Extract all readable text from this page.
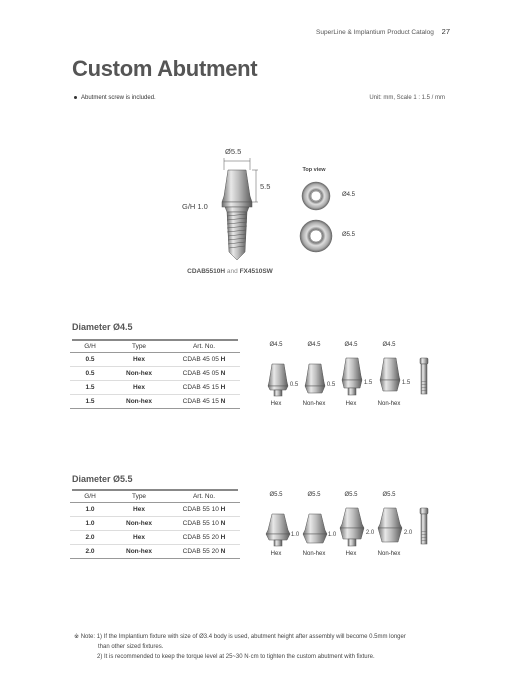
SuperLine & Implantium Product Catalog 27
Custom Abutment
Abutment screw is included.	Unit: mm, Scale 1 : 1.5 / mm
Ø5.5
5.5
G/H 1.0
CDAB5510H and FX4510SW
Top view
Ø4.5
Ø5.5
Diameter Ø4.5
G/H	Type	Art. No.
0.5	Hex	CDAB 45 05 H
0.5	Non-hex	CDAB 45 05 N
1.5	Hex	CDAB 45 15 H
1.5	Non-hex	CDAB 45 15 N
Ø4.5	Ø4.5	Ø4.5	Ø4.5
0.5	0.5	1.5	1.5
Hex	Non-hex	Hex	Non-hex
Diameter Ø5.5
G/H	Type	Art. No.
1.0	Hex	CDAB 55 10 H
1.0	Non-hex	CDAB 55 10 N
2.0	Hex	CDAB 55 20 H
2.0	Non-hex	CDAB 55 20 N
Ø5.5	Ø5.5	Ø5.5	Ø5.5
1.0	1.0	2.0	2.0
Hex	Non-hex	Hex	Non-hex
※ Note: 1) If the Implantium fixture with size of Ø3.4 body is used, abutment height after assembly will become 0.5mm longer
than other sized fixtures.
2) It is recommended to keep the torque level at 25~30 N·cm to tighten the custom abutment with fixture.
